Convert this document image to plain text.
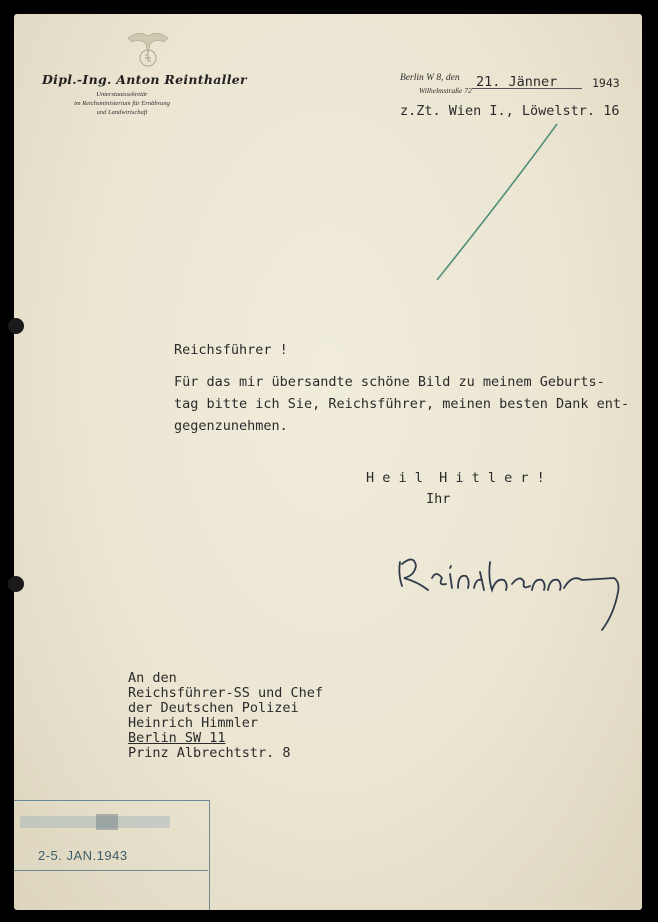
Dipl.-Ing. Anton Reinthaller
Unterstaatssekretär
im Reichsministerium für Ernährung
und Landwirtschaft
Berlin W 8, den
Wilhelmstraße 72
21. Jänner	1943
z.Zt. Wien I., Löwelstr. 16
Reichsführer !
Für das mir übersandte schöne Bild zu meinem Geburts-
tag bitte ich Sie, Reichsführer, meinen besten Dank ent-
gegenzunehmen.
H e i l  H i t l e r !
Ihr
An den
Reichsführer-SS und Chef
der Deutschen Polizei
Heinrich Himmler
Berlin SW 11
Prinz Albrechtstr. 8
2-5. JAN.1943
